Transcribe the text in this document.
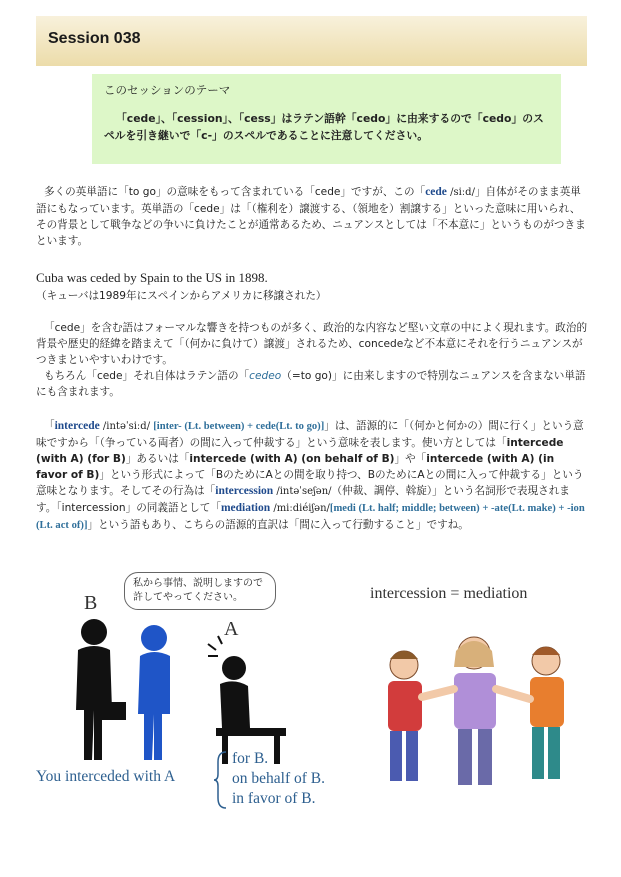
Session 038
このセッションのテーマ
「cede」、「cession」、「cess」はラテン語幹「cedo」に由来するので「cedo」のスペルを引き継いで「c-」のスペルであることに注意してください。
多くの英単語に「to go」の意味をもって含まれている「cede」ですが、この「cede /siːd/」自体がそのまま英単語にもなっています。英単語の「cede」は「（権利を）譲渡する、（領地を）割譲する」といった意味に用いられ、その背景として戦争などの争いに負けたことが通常あるため、ニュアンスとしては「不本意に」というものがつきまといます。
Cuba was ceded by Spain to the US in 1898.
（キューバは1989年にスペインからアメリカに移譲された）
「cede」を含む語はフォーマルな響きを持つものが多く、政治的な内容など堅い文章の中によく現れます。政治的背景や歴史的経緯を踏まえて「（何かに負けて）譲渡」されるため、concedeなど不本意にそれを行うニュアンスがつきまといやすいわけです。
もちろん「cede」それ自体はラテン語の「cedeo（=to go)」に由来しますので特別なニュアンスを含まない単語にも含まれます。
「intercede /intəˈsiːd/ [inter- (Lt. between) + cede(Lt. to go)]」は、語源的に「（何かと何かの）間に行く」という意味ですから「（争っている両者）の間に入って仲裁する」という意味を表します。使い方としては「intercede (with A) (for B)」あるいは「intercede (with A) (on behalf of B)」や「intercede (with A) (in favor of B)」という形式によって「BのためにAとの間を取り持つ、BのためにAとの間に入って仲裁する」という意味となります。そしてその行為は「intercession /intəˈseʃən/（仲裁、調停、斡旋）」という名詞形で表現されます。「intercession」の同義語として「mediation /miːdiéiʃən/[medi (Lt. half; middle; between) + -ate(Lt. make) + -ion (Lt. act of)]」という語もあり、こちらの語源的直訳は「間に入って行動すること」ですね。
私から事情、説明しますので許してやってください。
B
A
You interceded with A
for B.
on behalf of B.
in favor of B.
intercession = mediation
